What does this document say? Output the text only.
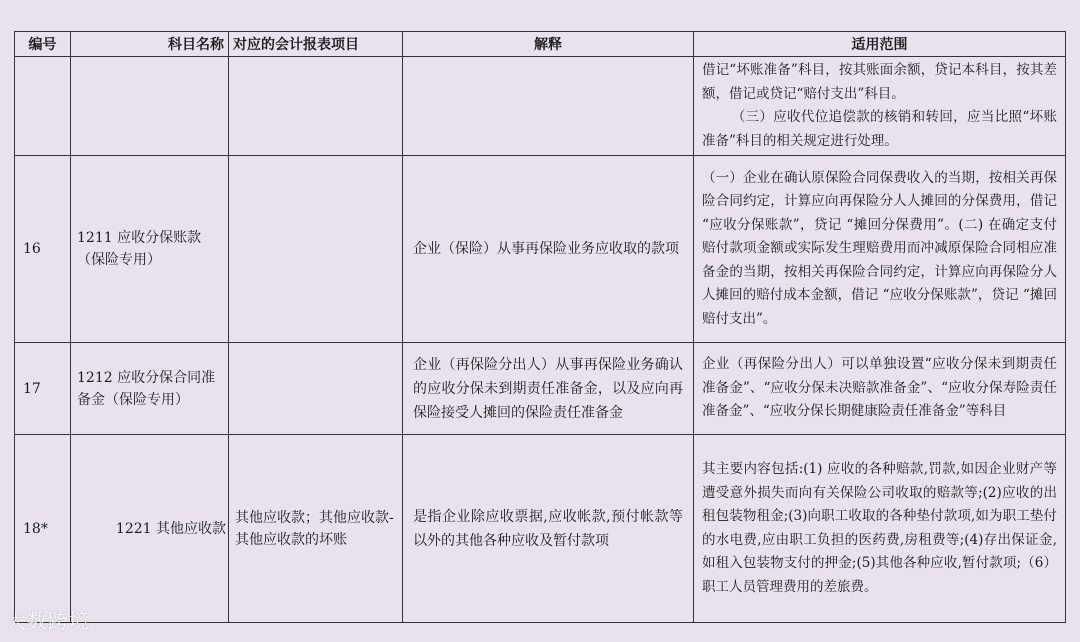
编号	科目名称	对应的会计报表项目	解释	适用范围

				借记“坏账准备”科目，按其账面余额，贷记本科目，按其差额，借记或贷记“赔付支出”科目。
（三）应收代位追偿款的核销和转回，应当比照“坏账准备”科目的相关规定进行处理。

16	1211 应收分保账款（保险专用）		企业（保险）从事再保险业务应收取的款项	（一）企业在确认原保险合同保费收入的当期，按相关再保险合同约定，计算应向再保险分人人摊回的分保费用，借记 “应收分保账款”，贷记 “摊回分保费用”。(二) 在确定支付赔付款项金额或实际发生理赔费用而冲减原保险合同相应准备金的当期，按相关再保险合同约定，计算应向再保险分人人摊回的赔付成本金额，借记 “应收分保账款”，贷记 “摊回赔付支出”。

17	1212 应收分保合同准备金（保险专用）		企业（再保险分出人）从事再保险业务确认的应收分保未到期责任准备金，以及应向再保险接受人摊回的保险责任准备金	企业（再保险分出人）可以单独设置“应收分保未到期责任准备金”、“应收分保未决赔款准备金”、“应收分保寿险责任准备金”、“应收分保长期健康险责任准备金”等科目

18*	1221 其他应收款	其他应收款；其他应收款-其他应收款的坏账	是指企业除应收票据,应收帐款,预付帐款等以外的其他各种应收及暂付款项	其主要内容包括:(1) 应收的各种赔款,罚款,如因企业财产等遭受意外损失而向有关保险公司收取的赔款等;(2)应收的出租包装物租金;(3)向职工收取的各种垫付款项,如为职工垫付的水电费,应由职工负担的医药费,房租费等;(4)存出保证金,如租入包装物支付的押金;(5)其他各种应收,暂付款项;（6）职工人员管理费用的差旅费。
大数跨境
